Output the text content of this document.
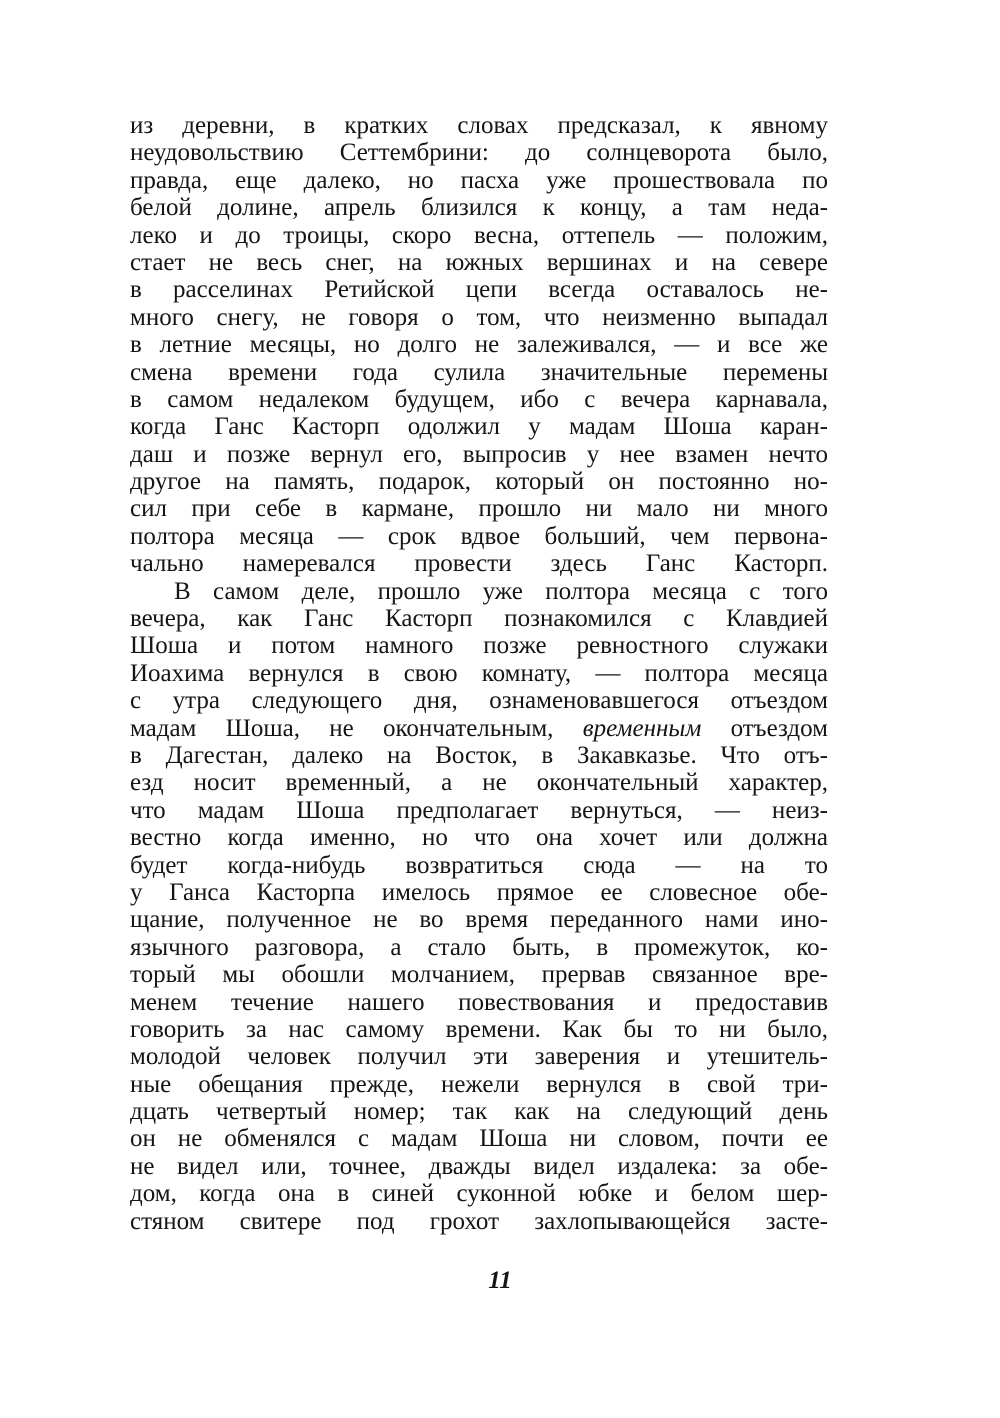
из деревни, в кратких словах предсказал, к явному
неудовольствию Сеттембрини: до солнцеворота было,
правда, еще далеко, но пасха уже прошествовала по
белой долине, апрель близился к концу, а там неда-
леко и до троицы, скоро весна, оттепель — положим,
стает не весь снег, на южных вершинах и на севере
в расселинах Ретийской цепи всегда оставалось не-
много снегу, не говоря о том, что неизменно выпадал
в летние месяцы, но долго не залеживался, — и все же
смена времени года сулила значительные перемены
в самом недалеком будущем, ибо с вечера карнавала,
когда Ганс Касторп одолжил у мадам Шоша каран-
даш и позже вернул его, выпросив у нее взамен нечто
другое на память, подарок, который он постоянно но-
сил при себе в кармане, прошло ни мало ни много
полтора месяца — срок вдвое больший, чем первона-
чально намеревался провести здесь Ганс Касторп.
В самом деле, прошло уже полтора месяца с того
вечера, как Ганс Касторп познакомился с Клавдией
Шоша и потом намного позже ревностного служаки
Иоахима вернулся в свою комнату, — полтора месяца
с утра следующего дня, ознаменовавшегося отъездом
мадам Шоша, не окончательным, временным отъездом
в Дагестан, далеко на Восток, в Закавказье. Что отъ-
езд носит временный, а не окончательный характер,
что мадам Шоша предполагает вернуться, — неиз-
вестно когда именно, но что она хочет или должна
будет когда-нибудь возвратиться сюда — на то
у Ганса Касторпа имелось прямое ее словесное обе-
щание, полученное не во время переданного нами ино-
язычного разговора, а стало быть, в промежуток, ко-
торый мы обошли молчанием, прервав связанное вре-
менем течение нашего повествования и предоставив
говорить за нас самому времени. Как бы то ни было,
молодой человек получил эти заверения и утешитель-
ные обещания прежде, нежели вернулся в свой три-
дцать четвертый номер; так как на следующий день
он не обменялся с мадам Шоша ни словом, почти ее
не видел или, точнее, дважды видел издалека: за обе-
дом, когда она в синей суконной юбке и белом шер-
стяном свитере под грохот захлопывающейся засте-
11
